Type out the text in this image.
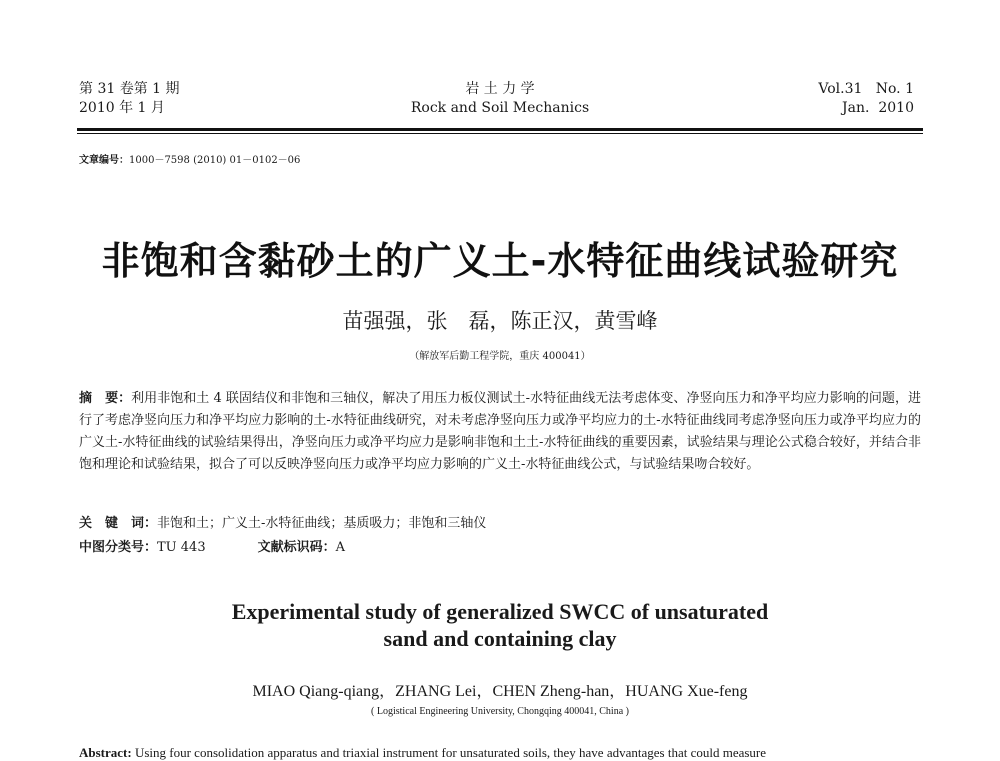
第 31 卷第 1 期
2010 年 1 月
岩 土 力 学
Rock and Soil Mechanics
Vol.31   No. 1
Jan.  2010
文章编号：1000－7598 (2010) 01－0102－06
非饱和含黏砂土的广义土-水特征曲线试验研究
苗强强，张　磊，陈正汉，黄雪峰
（解放军后勤工程学院，重庆 400041）
摘　要：利用非饱和土 4 联固结仪和非饱和三轴仪，解决了用压力板仪测试土-水特征曲线无法考虑体变、净竖向压力和净平均应力影响的问题，进行了考虑净竖向压力和净平均应力影响的土-水特征曲线研究，对未考虑净竖向压力或净平均应力的土-水特征曲线同考虑净竖向压力或净平均应力的广义土-水特征曲线的试验结果得出，净竖向压力或净平均应力是影响非饱和土土-水特征曲线的重要因素，试验结果与理论公式稳合较好，并结合非饱和理论和试验结果，拟合了可以反映净竖向压力或净平均应力影响的广义土-水特征曲线公式，与试验结果吻合较好。
关　键　词：非饱和土；广义土-水特征曲线；基质吸力；非饱和三轴仪
中图分类号：TU 443	文献标识码：A
Experimental study of generalized SWCC of unsaturated
sand and containing clay
MIAO Qiang-qiang，ZHANG Lei，CHEN Zheng-han，HUANG Xue-feng
( Logistical Engineering University, Chongqing 400041, China )
Abstract: Using four consolidation apparatus and triaxial instrument for unsaturated soils, they have advantages that could measure
